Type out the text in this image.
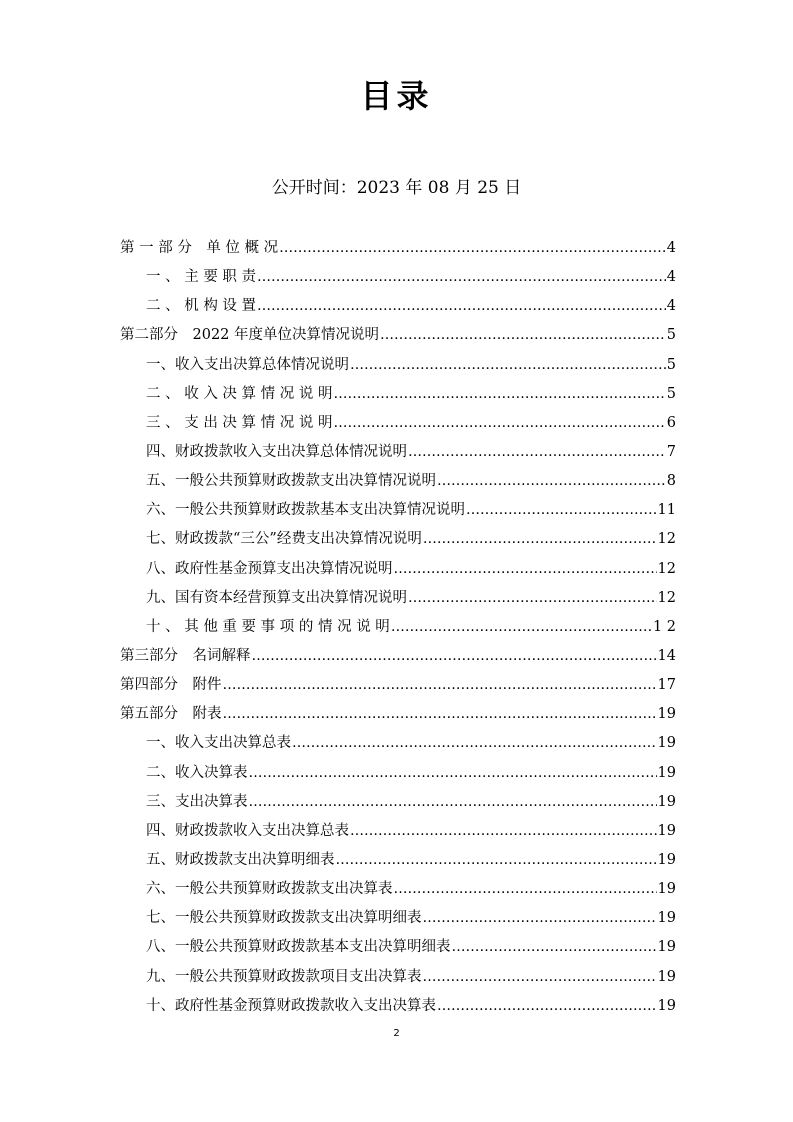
目录
公开时间：2023 年 08 月 25 日
第 一 部 分　单 位 概 况 …………………………………………………………………………………………………………………………………………………………………………	4
一 、 主 要 职 责 …………………………………………………………………………………………………………………………………………………………………………	4
二 、 机 构 设 置 …………………………………………………………………………………………………………………………………………………………………………	4
第二部分　2022 年度单位决算情况说明 …………………………………………………………………………………………………………………………………………………………………………	5
一、收入支出决算总体情况说明 …………………………………………………………………………………………………………………………………………………………………………	5
二 、 收 入 决 算 情 况 说 明 …………………………………………………………………………………………………………………………………………………………………………	5
三 、 支 出 决 算 情 况 说 明 …………………………………………………………………………………………………………………………………………………………………………	6
四、财政拨款收入支出决算总体情况说明 …………………………………………………………………………………………………………………………………………………………………………	7
五、一般公共预算财政拨款支出决算情况说明 …………………………………………………………………………………………………………………………………………………………………………	8
六、一般公共预算财政拨款基本支出决算情况说明 …………………………………………………………………………………………………………………………………………………………………………	11
七、财政拨款“三公”经费支出决算情况说明 …………………………………………………………………………………………………………………………………………………………………………	12
八、政府性基金预算支出决算情况说明 …………………………………………………………………………………………………………………………………………………………………………	12
九、国有资本经营预算支出决算情况说明 …………………………………………………………………………………………………………………………………………………………………………	12
十 、 其 他 重 要 事 项 的 情 况 说 明 …………………………………………………………………………………………………………………………………………………………………………	1 2
第三部分　名词解释 …………………………………………………………………………………………………………………………………………………………………………	14
第四部分　附件 …………………………………………………………………………………………………………………………………………………………………………	17
第五部分　附表 …………………………………………………………………………………………………………………………………………………………………………	19
一、收入支出决算总表 …………………………………………………………………………………………………………………………………………………………………………	19
二、收入决算表 …………………………………………………………………………………………………………………………………………………………………………	19
三、支出决算表 …………………………………………………………………………………………………………………………………………………………………………	19
四、财政拨款收入支出决算总表 …………………………………………………………………………………………………………………………………………………………………………	19
五、财政拨款支出决算明细表 …………………………………………………………………………………………………………………………………………………………………………	19
六、一般公共预算财政拨款支出决算表 …………………………………………………………………………………………………………………………………………………………………………	19
七、一般公共预算财政拨款支出决算明细表 …………………………………………………………………………………………………………………………………………………………………………	19
八、一般公共预算财政拨款基本支出决算明细表 …………………………………………………………………………………………………………………………………………………………………………	19
九、一般公共预算财政拨款项目支出决算表 …………………………………………………………………………………………………………………………………………………………………………	19
十、政府性基金预算财政拨款收入支出决算表 …………………………………………………………………………………………………………………………………………………………………………	19
2
